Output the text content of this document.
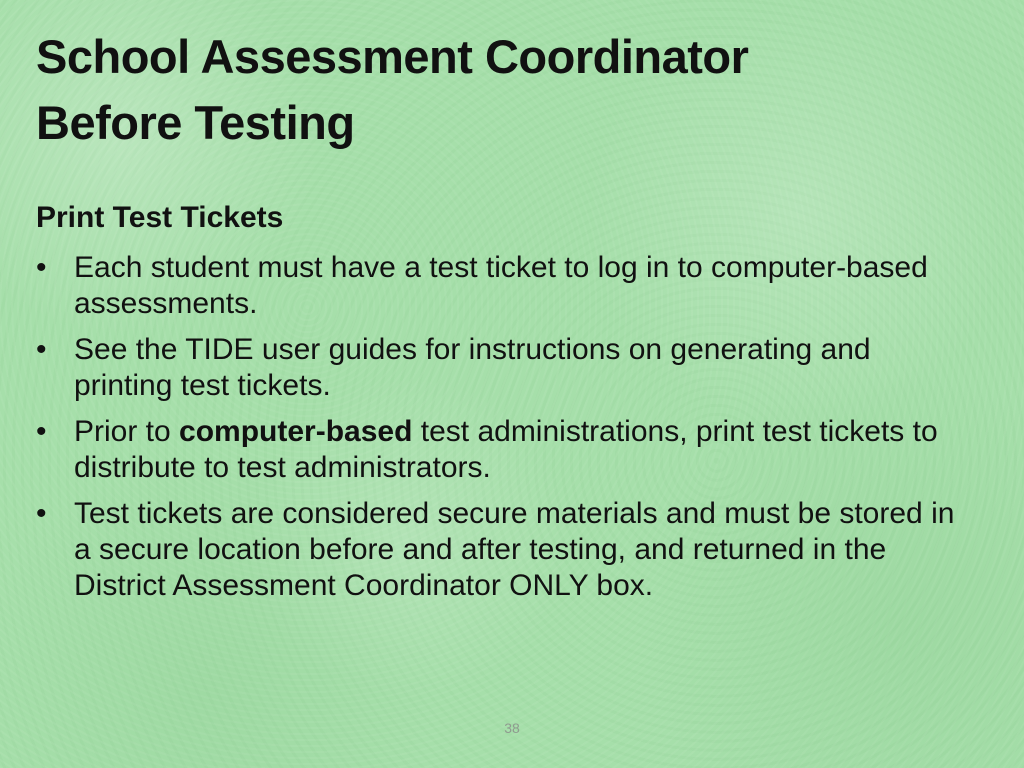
School Assessment Coordinator
Before Testing
Print Test Tickets
• Each student must have a test ticket to log in to computer-based assessments.
• See the TIDE user guides for instructions on generating and printing test tickets.
• Prior to computer-based test administrations, print test tickets to distribute to test administrators.
• Test tickets are considered secure materials and must be stored in a secure location before and after testing, and returned in the District Assessment Coordinator ONLY box.
38
